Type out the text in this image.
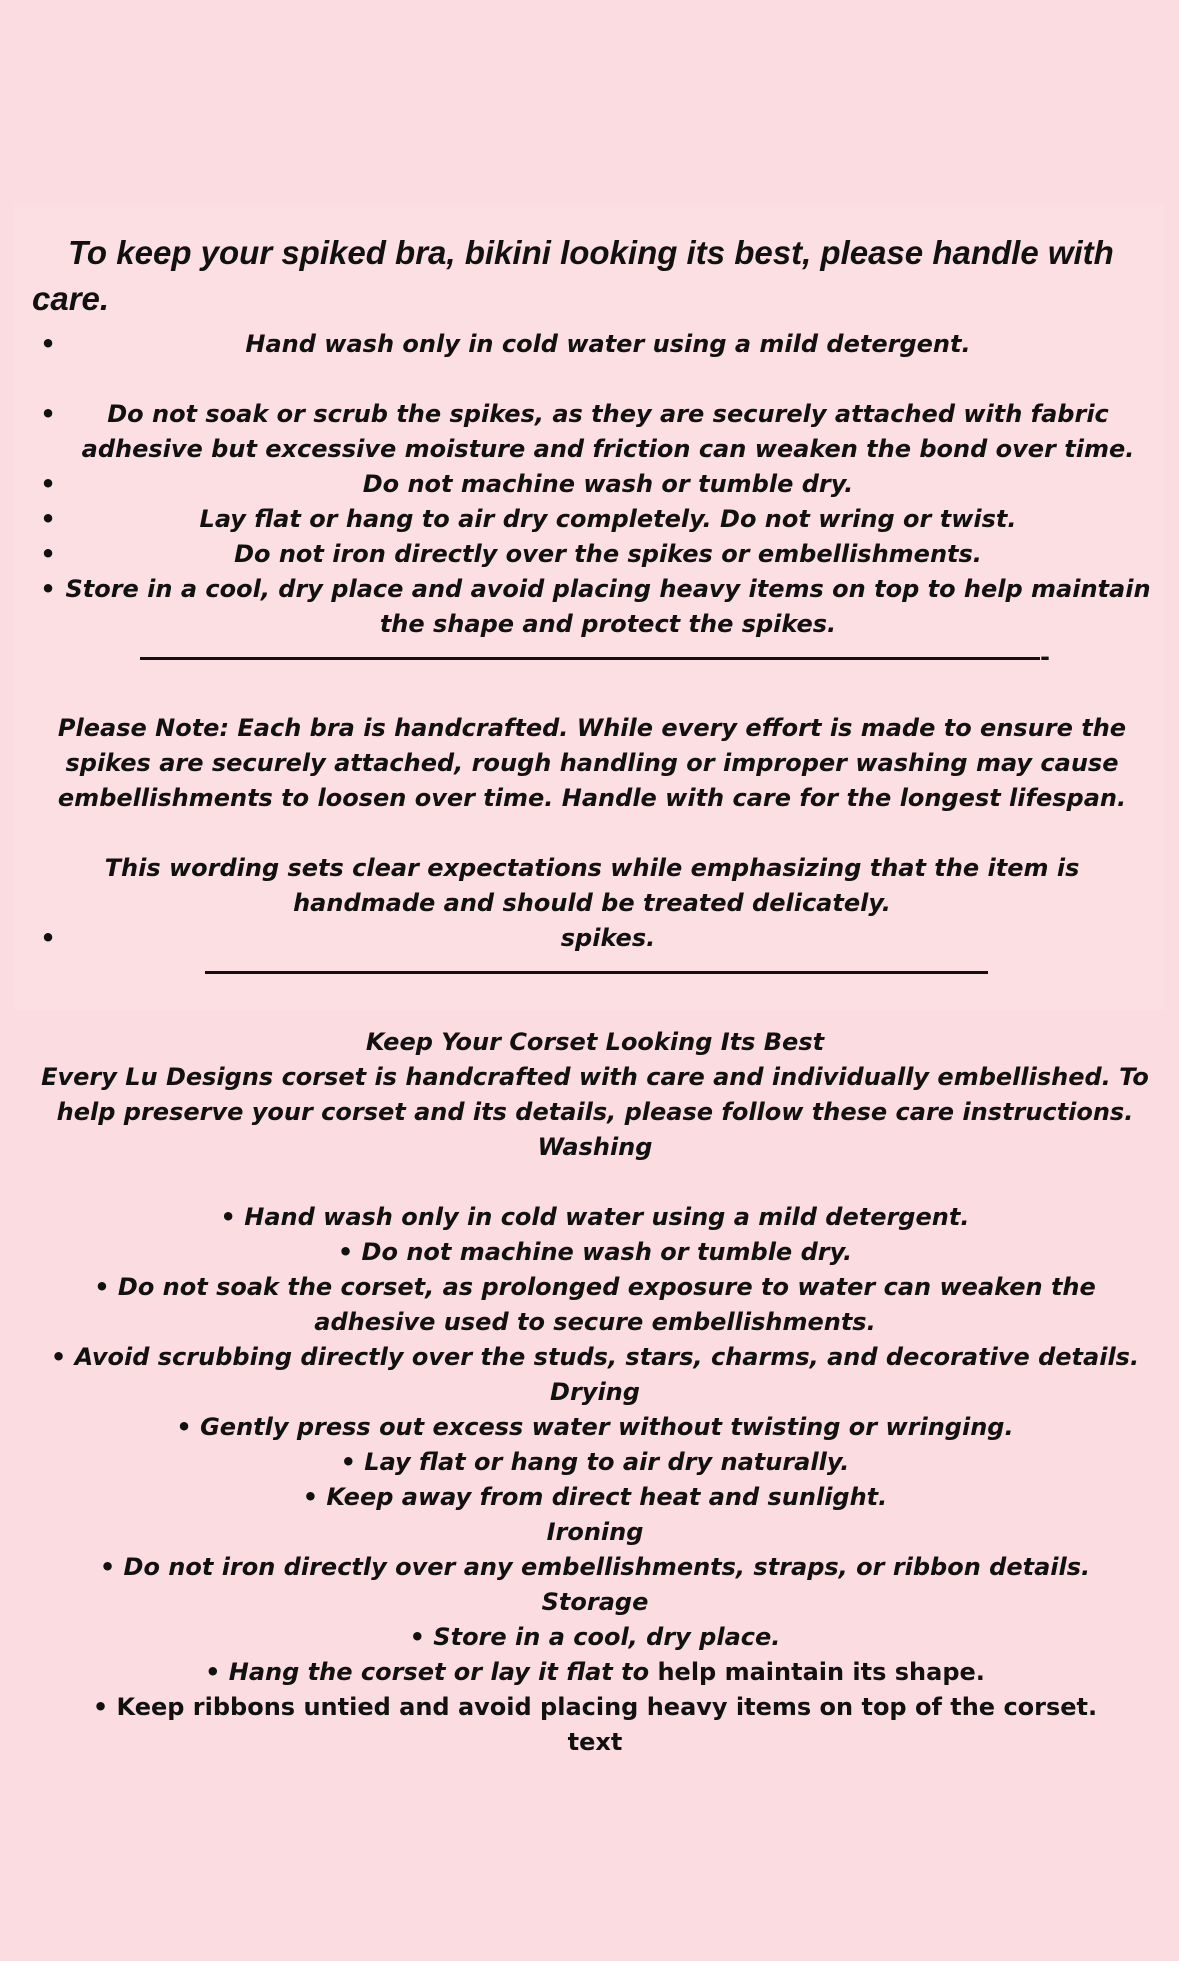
To keep your spiked bra, bikini looking its best, please handle with care.
•	Hand wash only in cold water using a mild detergent.
•	Do not soak or scrub the spikes, as they are securely attached with fabric adhesive but excessive moisture and friction can weaken the bond over time.
•	Do not machine wash or tumble dry.
•	Lay flat or hang to air dry completely. Do not wring or twist.
•	Do not iron directly over the spikes or embellishments.
• Store in a cool, dry place and avoid placing heavy items on top to help maintain the shape and protect the spikes.
-

Please Note: Each bra is handcrafted. While every effort is made to ensure the spikes are securely attached, rough handling or improper washing may cause embellishments to loosen over time. Handle with care for the longest lifespan.

This wording sets clear expectations while emphasizing that the item is handmade and should be treated delicately.

•	spikes.
Keep Your Corset Looking Its Best
Every Lu Designs corset is handcrafted with care and individually embellished. To help preserve your corset and its details, please follow these care instructions.
Washing
• Hand wash only in cold water using a mild detergent.
• Do not machine wash or tumble dry.
• Do not soak the corset, as prolonged exposure to water can weaken the adhesive used to secure embellishments.
• Avoid scrubbing directly over the studs, stars, charms, and decorative details.
Drying
• Gently press out excess water without twisting or wringing.
• Lay flat or hang to air dry naturally.
• Keep away from direct heat and sunlight.
Ironing
• Do not iron directly over any embellishments, straps, or ribbon details.
Storage
• Store in a cool, dry place.
• Hang the corset or lay it flat to help maintain its shape.
• Keep ribbons untied and avoid placing heavy items on top of the corset.
text
